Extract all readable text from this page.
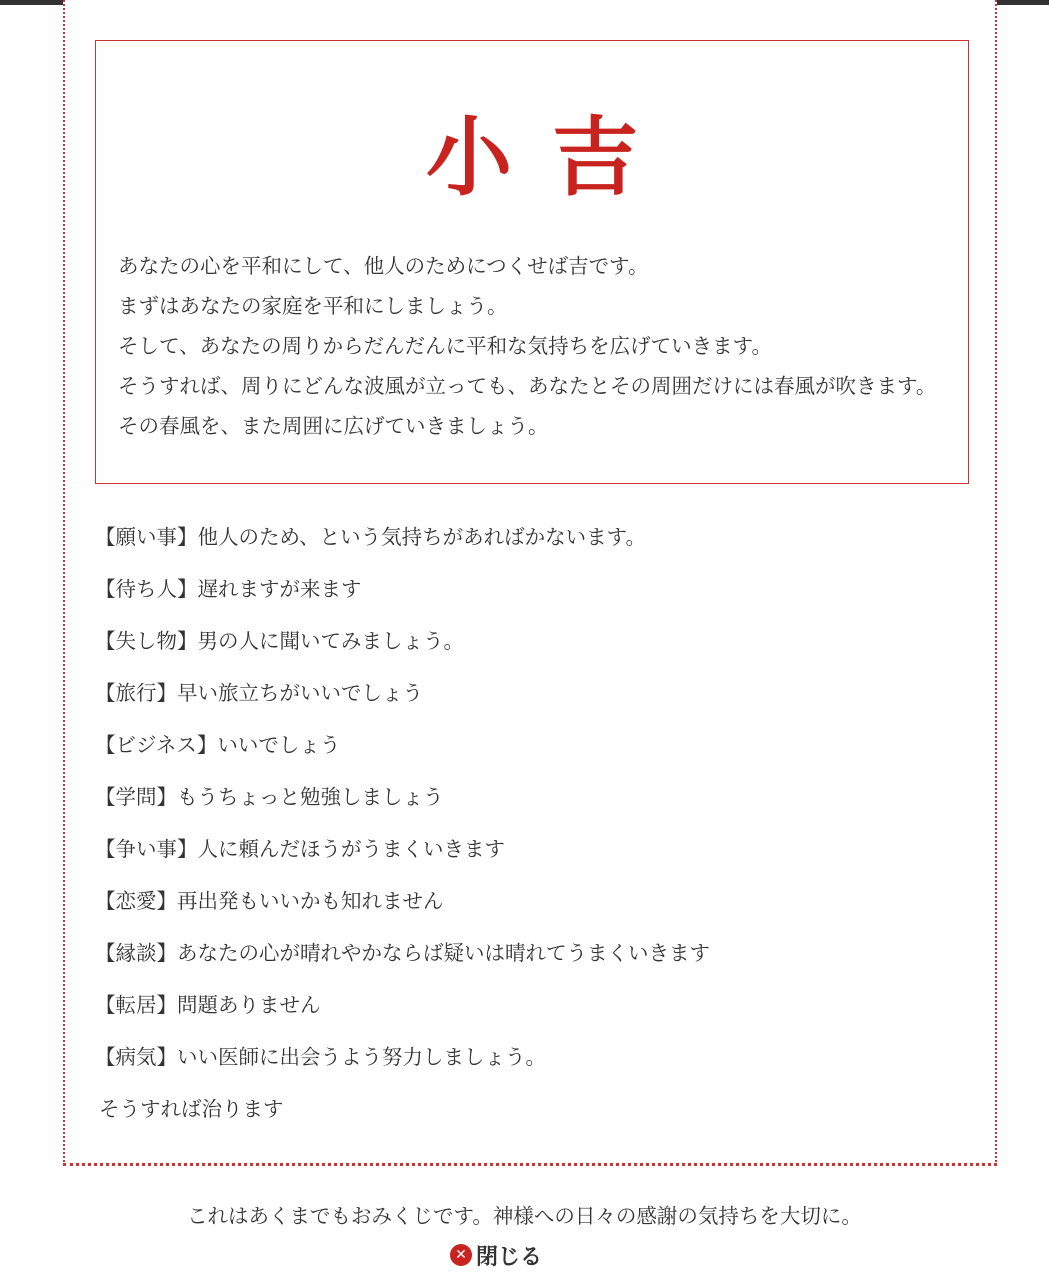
小吉

あなたの心を平和にして、他人のためにつくせば吉です。

まずはあなたの家庭を平和にしましょう。

そして、あなたの周りからだんだんに平和な気持ちを広げていきます。

そうすれば、周りにどんな波風が立っても、あなたとその周囲だけには春風が吹きます。

その春風を、また周囲に広げていきましょう。

【願い事】他人のため、という気持ちがあればかないます。
【待ち人】遅れますが来ます
【失し物】男の人に聞いてみましょう。
【旅行】早い旅立ちがいいでしょう
【ビジネス】いいでしょう
【学問】もうちょっと勉強しましょう
【争い事】人に頼んだほうがうまくいきます
【恋愛】再出発もいいかも知れません
【縁談】あなたの心が晴れやかならば疑いは晴れてうまくいきます
【転居】問題ありません
【病気】いい医師に出会うよう努力しましょう。
そうすれば治ります
これはあくまでもおみくじです。神様への日々の感謝の気持ちを大切に。
✕ 閉じる
